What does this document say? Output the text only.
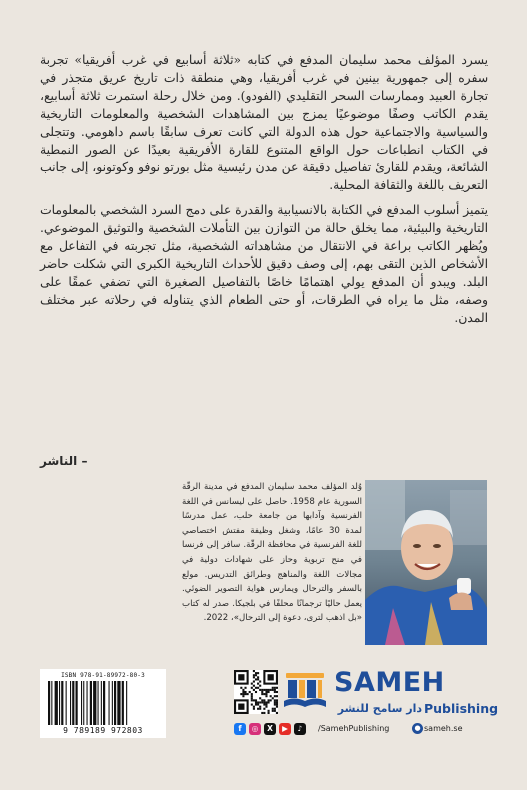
يسرد المؤلف محمد سليمان المدفع في كتابه «ثلاثة أسابيع في غرب أفريقيا» تجربة سفره إلى جمهورية بينين في غرب أفريقيا، وهي منطقة ذات تاريخ عريق متجذر في تجارة العبيد وممارسات السحر التقليدي (الفودو). ومن خلال رحلة استمرت ثلاثة أسابيع، يقدم الكاتب وصفًا موضوعيًا يمزج بين المشاهدات الشخصية والمعلومات التاريخية والسياسية والاجتماعية حول هذه الدولة التي كانت تعرف سابقًا باسم داهومي. وتتجلى في الكتاب انطباعات حول الواقع المتنوع للقارة الأفريقية بعيدًا عن الصور النمطية الشائعة، ويقدم للقارئ تفاصيل دقيقة عن مدن رئيسية مثل بورتو نوفو وكوتونو، إلى جانب التعريف باللغة والثقافة المحلية.

يتميز أسلوب المدفع في الكتابة بالانسيابية والقدرة على دمج السرد الشخصي بالمعلومات التاريخية والبيئية، مما يخلق حالة من التوازن بين التأملات الشخصية والتوثيق الموضوعي. ويُظهر الكاتب براعة في الانتقال من مشاهداته الشخصية، مثل تجربته في التفاعل مع الأشخاص الذين التقى بهم، إلى وصف دقيق للأحداث التاريخية الكبرى التي شكلت حاضر البلد. ويبدو أن المدفع يولي اهتمامًا خاصًا بالتفاصيل الصغيرة التي تضفي عمقًا على وصفه، مثل ما يراه في الطرقات، أو حتى الطعام الذي يتناوله في رحلاته عبر مختلف المدن.

– الناشر
وُلد المؤلف محمد سليمان المدفع في مدينة الرقّة السورية عام 1958. حاصل على ليسانس في اللغة الفرنسية وآدابها من جامعة حلب، عمل مدرسًا لمدة 30 عامًا، وشغل وظيفة مفتش اختصاصي للغة الفرنسية في محافظة الرقّة. سافر إلى فرنسا في منح تربوية وحاز على شهادات دولية في مجالات اللغة والمناهج وطرائق التدريس. مولع بالسفر والترحال ويمارس هواية التصوير الضوئي. يعمل حاليًا ترجمانًا محلفًا في بلجيكا. صدر له كتاب «بل اذهب لترى، دعوة إلى الترحال»، 2022.
ISBN 978-91-89972-80-3
9 789189 972803
SAMEH
دار سامح للنشر Publishing
f	◎	X	▶	♪	/SamehPublishing	● sameh.se
